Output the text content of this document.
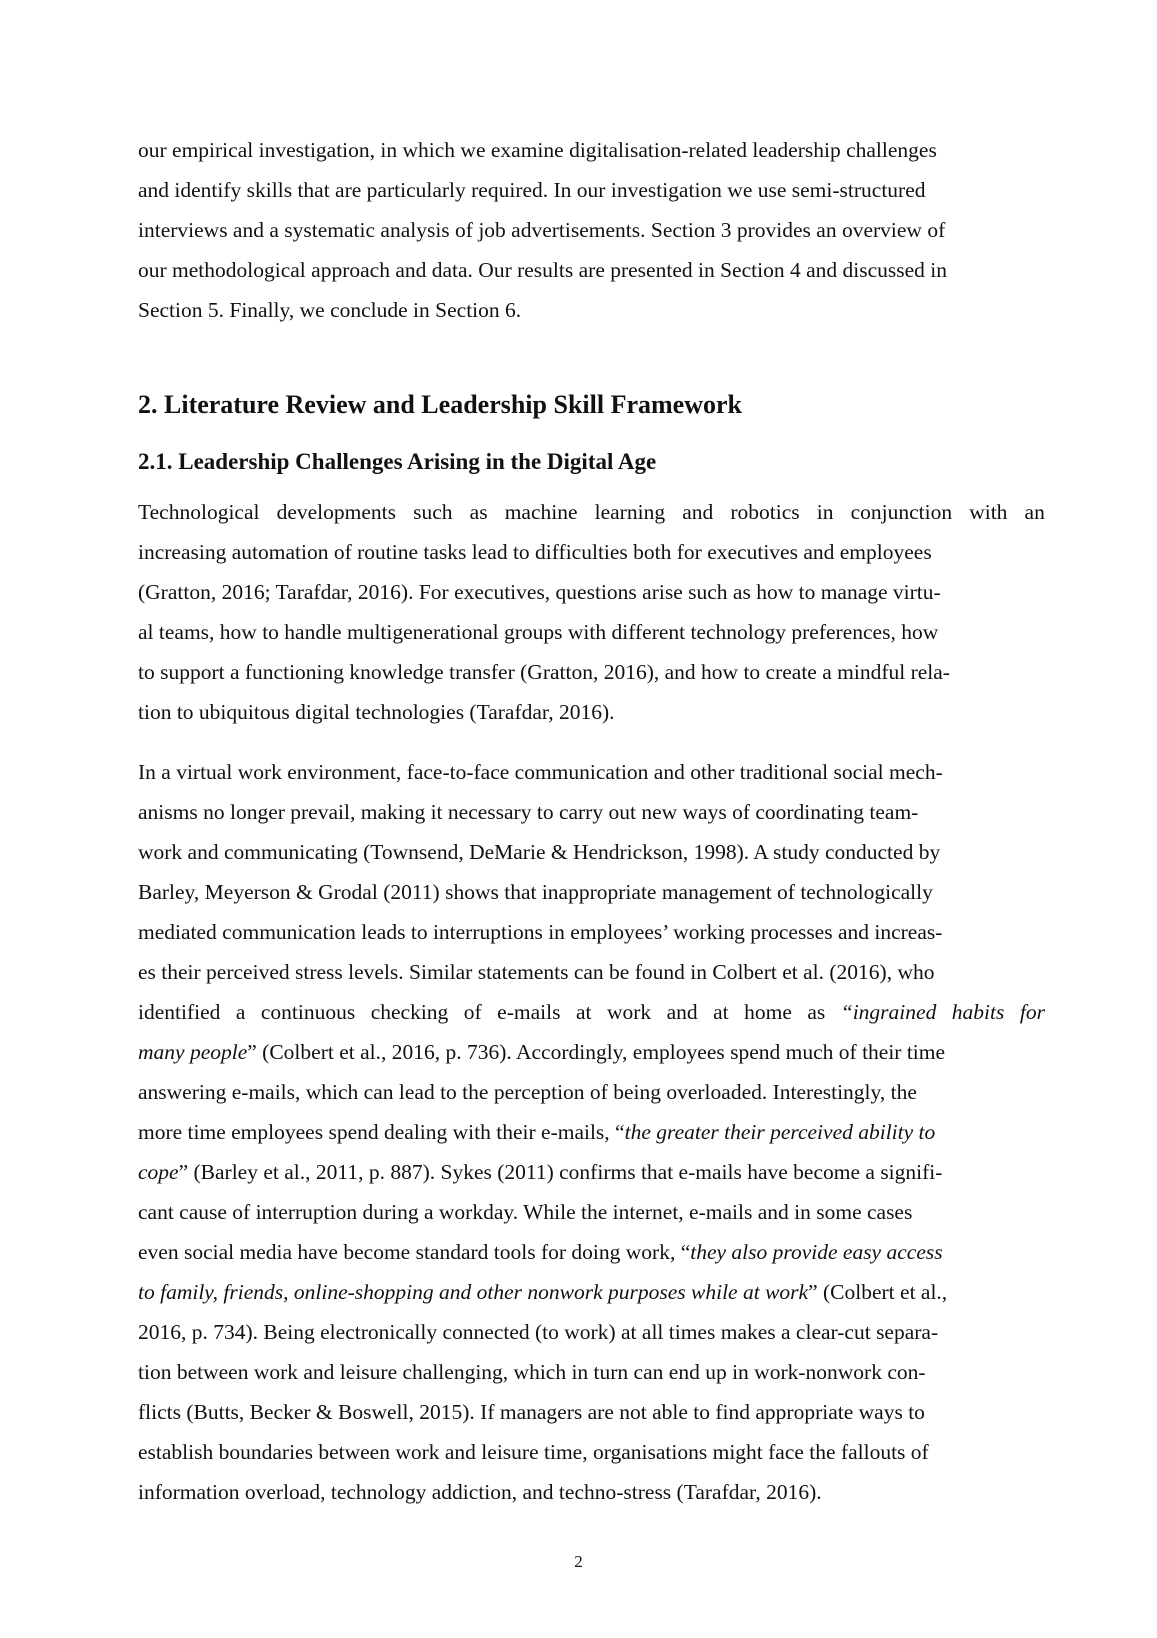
our empirical investigation, in which we examine digitalisation-related leadership challenges
and identify skills that are particularly required. In our investigation we use semi-structured
interviews and a systematic analysis of job advertisements. Section 3 provides an overview of
our methodological approach and data. Our results are presented in Section 4 and discussed in
Section 5. Finally, we conclude in Section 6.
2. Literature Review and Leadership Skill Framework
2.1. Leadership Challenges Arising in the Digital Age
Technological developments such as machine learning and robotics in conjunction with an
increasing automation of routine tasks lead to difficulties both for executives and employees
(Gratton, 2016; Tarafdar, 2016). For executives, questions arise such as how to manage virtu-
al teams, how to handle multigenerational groups with different technology preferences, how
to support a functioning knowledge transfer (Gratton, 2016), and how to create a mindful rela-
tion to ubiquitous digital technologies (Tarafdar, 2016).
In a virtual work environment, face-to-face communication and other traditional social mech-
anisms no longer prevail, making it necessary to carry out new ways of coordinating team-
work and communicating (Townsend, DeMarie & Hendrickson, 1998). A study conducted by
Barley, Meyerson & Grodal (2011) shows that inappropriate management of technologically
mediated communication leads to interruptions in employees’ working processes and increas-
es their perceived stress levels. Similar statements can be found in Colbert et al. (2016), who
identified a continuous checking of e-mails at work and at home as “ingrained habits for
many people” (Colbert et al., 2016, p. 736). Accordingly, employees spend much of their time
answering e-mails, which can lead to the perception of being overloaded. Interestingly, the
more time employees spend dealing with their e-mails, “the greater their perceived ability to
cope” (Barley et al., 2011, p. 887). Sykes (2011) confirms that e-mails have become a signifi-
cant cause of interruption during a workday. While the internet, e-mails and in some cases
even social media have become standard tools for doing work, “they also provide easy access
to family, friends, online-shopping and other nonwork purposes while at work” (Colbert et al.,
2016, p. 734). Being electronically connected (to work) at all times makes a clear-cut separa-
tion between work and leisure challenging, which in turn can end up in work-nonwork con-
flicts (Butts, Becker & Boswell, 2015). If managers are not able to find appropriate ways to
establish boundaries between work and leisure time, organisations might face the fallouts of
information overload, technology addiction, and techno-stress (Tarafdar, 2016).
2
